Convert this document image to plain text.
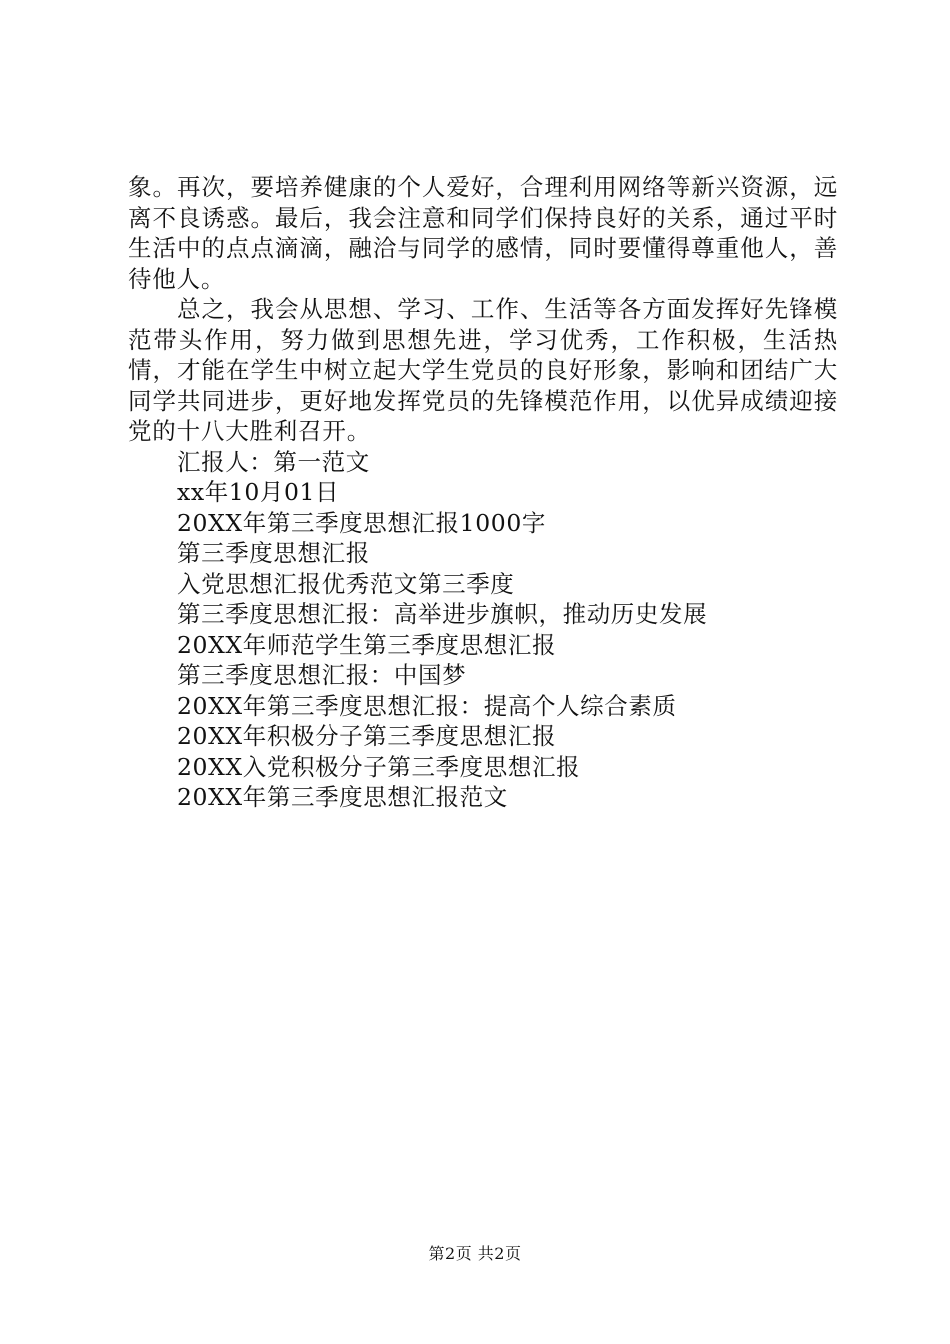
象。再次，要培养健康的个人爱好，合理利用网络等新兴资源，远离不良诱惑。最后，我会注意和同学们保持良好的关系，通过平时生活中的点点滴滴，融洽与同学的感情，同时要懂得尊重他人，善待他人。

总之，我会从思想、学习、工作、生活等各方面发挥好先锋模范带头作用，努力做到思想先进，学习优秀，工作积极，生活热情，才能在学生中树立起大学生党员的良好形象，影响和团结广大同学共同进步，更好地发挥党员的先锋模范作用，以优异成绩迎接党的十八大胜利召开。

汇报人：第一范文
xx年10月01日
20XX年第三季度思想汇报1000字
第三季度思想汇报
入党思想汇报优秀范文第三季度
第三季度思想汇报：高举进步旗帜，推动历史发展
20XX年师范学生第三季度思想汇报
第三季度思想汇报：中国梦
20XX年第三季度思想汇报：提高个人综合素质
20XX年积极分子第三季度思想汇报
20XX入党积极分子第三季度思想汇报
20XX年第三季度思想汇报范文
第2页 共2页
